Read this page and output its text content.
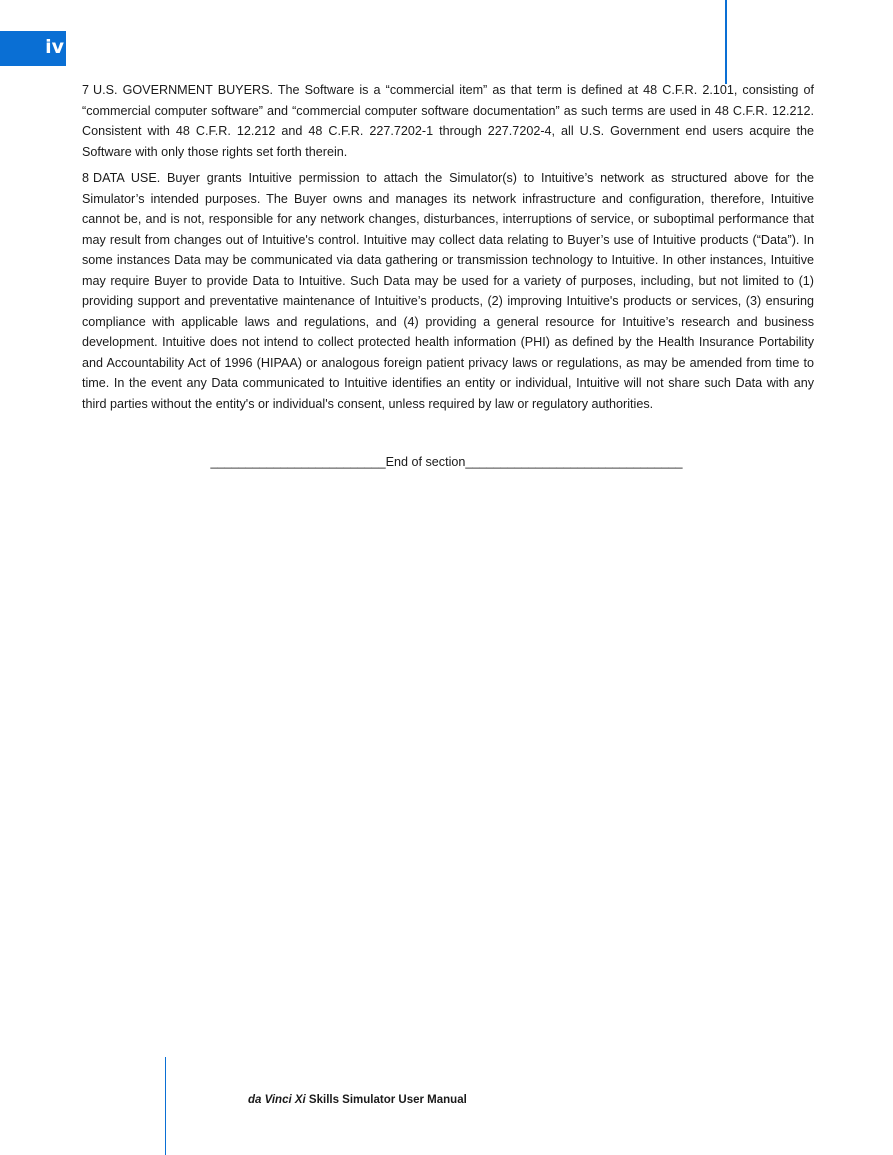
iv

7 U.S. GOVERNMENT BUYERS. The Software is a “commercial item” as that term is defined at 48 C.F.R. 2.101, consisting of “commercial computer software” and “commercial computer software documentation” as such terms are used in 48 C.F.R. 12.212. Consistent with 48 C.F.R. 12.212 and 48 C.F.R. 227.7202-1 through 227.7202-4, all U.S. Government end users acquire the Software with only those rights set forth therein.

8 DATA USE. Buyer grants Intuitive permission to attach the Simulator(s) to Intuitive’s network as structured above for the Simulator’s intended purposes. The Buyer owns and manages its network infrastructure and configuration, therefore, Intuitive cannot be, and is not, responsible for any network changes, disturbances, interruptions of service, or suboptimal performance that may result from changes out of Intuitive's control. Intuitive may collect data relating to Buyer’s use of Intuitive products (“Data”). In some instances Data may be communicated via data gathering or transmission technology to Intuitive. In other instances, Intuitive may require Buyer to provide Data to Intuitive. Such Data may be used for a variety of purposes, including, but not limited to (1) providing support and preventative maintenance of Intuitive’s products, (2) improving Intuitive's products or services, (3) ensuring compliance with applicable laws and regulations, and (4) providing a general resource for Intuitive’s research and business development. Intuitive does not intend to collect protected health information (PHI) as defined by the Health Insurance Portability and Accountability Act of 1996 (HIPAA) or analogous foreign patient privacy laws or regulations, as may be amended from time to time. In the event any Data communicated to Intuitive identifies an entity or individual, Intuitive will not share such Data with any third parties without the entity's or individual's consent, unless required by law or regulatory authorities.

_________________________End of section_______________________________
da Vinci Xi Skills Simulator User Manual
